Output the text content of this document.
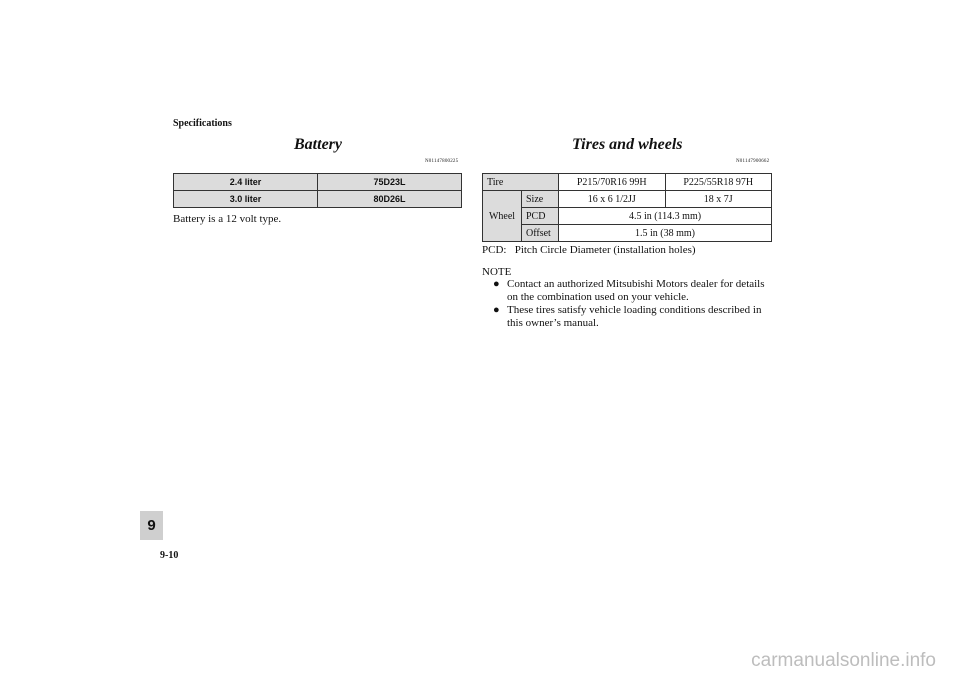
Specifications
Battery
N01147800225
2.4 liter	75D23L
3.0 liter	80D26L
Battery is a 12 volt type.
Tires and wheels
N01147900662
Tire		P215/70R16 99H	P225/55R18 97H
Wheel	Size	16 x 6 1/2JJ	18 x 7J
	PCD	4.5 in (114.3 mm)	
	Offset	1.5 in (38 mm)	
PCD:   Pitch Circle Diameter (installation holes)
NOTE
● Contact an authorized Mitsubishi Motors dealer for details on the combination used on your vehicle.
● These tires satisfy vehicle loading conditions described in this owner’s manual.
9
9-10
carmanualsonline.info
